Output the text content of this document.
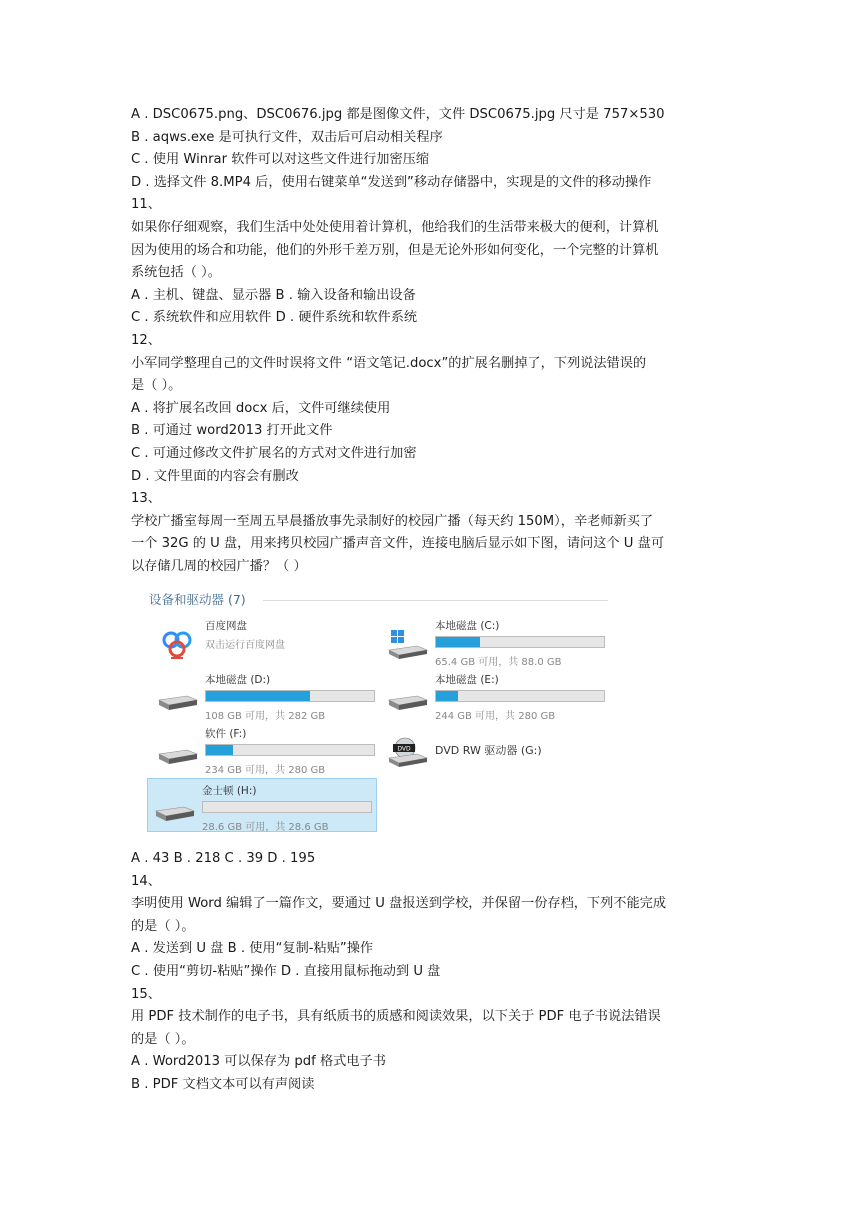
A . DSC0675.png、DSC0676.jpg 都是图像文件，文件 DSC0675.jpg 尺寸是 757×530
B . aqws.exe 是可执行文件，双击后可启动相关程序
C . 使用 Winrar 软件可以对这些文件进行加密压缩
D . 选择文件 8.MP4 后，使用右键菜单“发送到”移动存储器中，实现是的文件的移动操作
11、
如果你仔细观察，我们生活中处处使用着计算机，他给我们的生活带来极大的便利，计算机
因为使用的场合和功能，他们的外形千差万别，但是无论外形如何变化，一个完整的计算机
系统包括（ ）。
A . 主机、键盘、显示器 B . 输入设备和输出设备
C . 系统软件和应用软件 D . 硬件系统和软件系统
12、
小军同学整理自己的文件时误将文件 “语文笔记.docx”的扩展名删掉了，下列说法错误的
是（ ）。
A . 将扩展名改回 docx 后，文件可继续使用
B . 可通过 word2013 打开此文件
C . 可通过修改文件扩展名的方式对文件进行加密
D . 文件里面的内容会有删改
13、
学校广播室每周一至周五早晨播放事先录制好的校园广播（每天约 150M），辛老师新买了
一个 32G 的 U 盘，用来拷贝校园广播声音文件，连接电脑后显示如下图，请问这个 U 盘可
以存储几周的校园广播？（ ）
设备和驱动器 (7)
百度网盘
双击运行百度网盘
本地磁盘 (C:)
65.4 GB 可用，共 88.0 GB
本地磁盘 (D:)
108 GB 可用，共 282 GB
本地磁盘 (E:)
244 GB 可用，共 280 GB
软件 (F:)
234 GB 可用，共 280 GB
DVD DVD RW 驱动器 (G:)
金士顿 (H:)
28.6 GB 可用，共 28.6 GB
A . 43 B . 218 C . 39 D . 195
14、
李明使用 Word 编辑了一篇作文，要通过 U 盘报送到学校，并保留一份存档，下列不能完成
的是（ ）。
A . 发送到 U 盘 B . 使用“复制-粘贴”操作
C . 使用“剪切-粘贴”操作 D . 直接用鼠标拖动到 U 盘
15、
用 PDF 技术制作的电子书，具有纸质书的质感和阅读效果，以下关于 PDF 电子书说法错误
的是（ ）。
A . Word2013 可以保存为 pdf 格式电子书
B . PDF 文档文本可以有声阅读
